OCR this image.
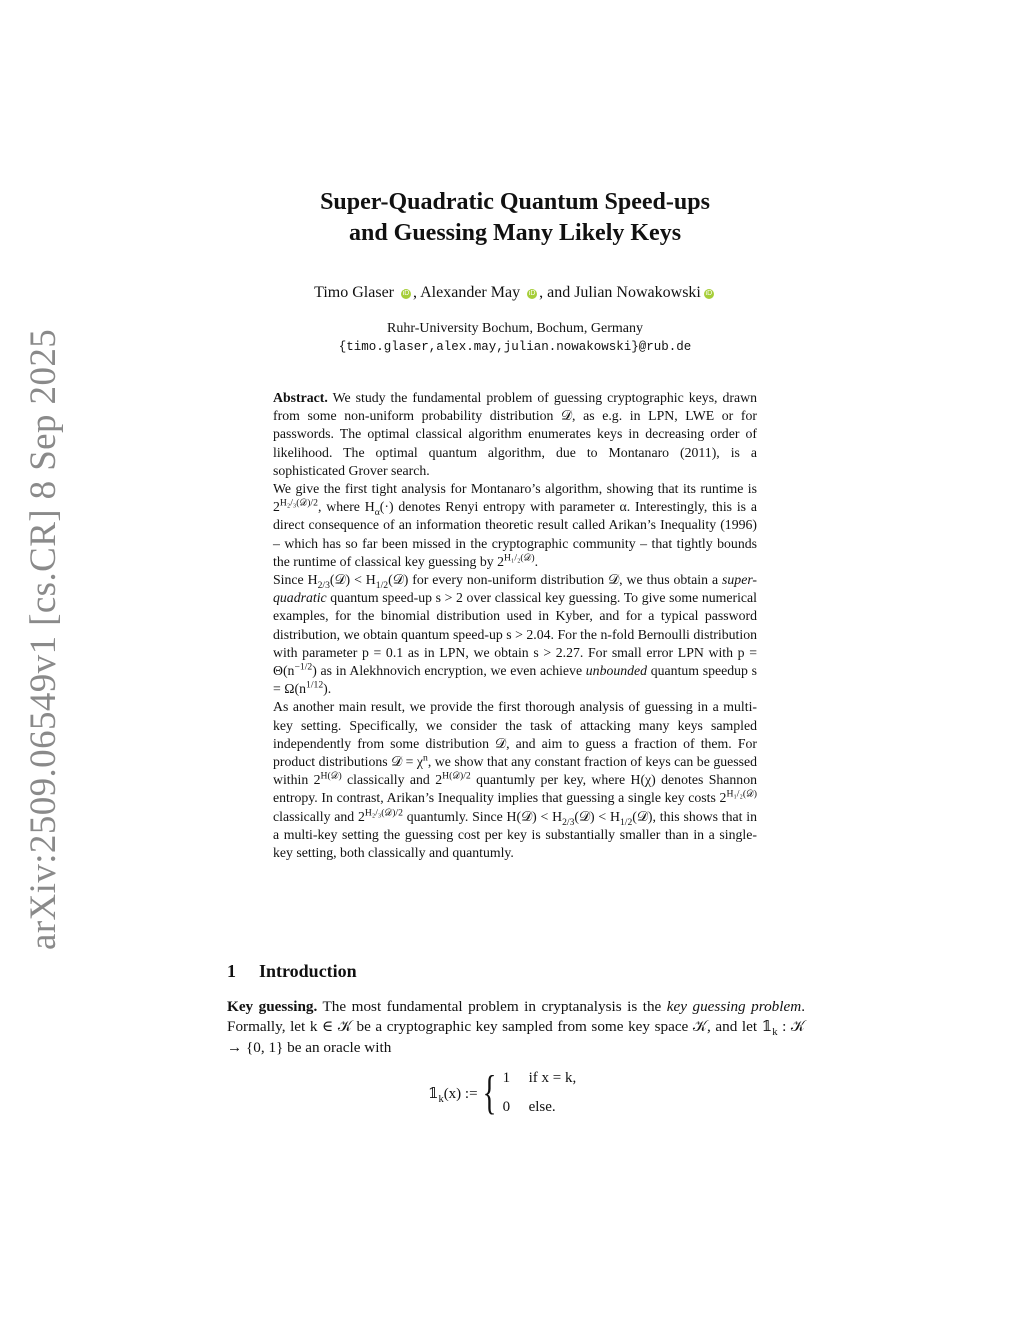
arXiv:2509.06549v1 [cs.CR] 8 Sep 2025
Super-Quadratic Quantum Speed-ups
and Guessing Many Likely Keys
Timo Glaser iD , Alexander May iD , and Julian Nowakowski iD
Ruhr-University Bochum, Bochum, Germany
{timo.glaser,alex.may,julian.nowakowski}@rub.de

Abstract. We study the fundamental problem of guessing cryptographic keys, drawn from some non-uniform probability distribution 𝒟, as e.g. in LPN, LWE or for passwords. The optimal classical algorithm enumerates keys in decreasing order of likelihood. The optimal quantum algorithm, due to Montanaro (2011), is a sophisticated Grover search.

We give the first tight analysis for Montanaro’s algorithm, showing that its runtime is $2^{H_2/_3(𝒟)/2}$, where $H_\alpha(\cdot)$ denotes Renyi entropy with parameter α. Interestingly, this is a direct consequence of an information theoretic result called Arikan’s Inequality (1996) – which has so far been missed in the cryptographic community – that tightly bounds the runtime of classical key guessing by $2^{H_1/_2(𝒟)}$.

Since $H_{2/3}(𝒟)$ < $H_{1/2}(𝒟)$ for every non-uniform distribution 𝒟, we thus obtain a super-quadratic quantum speed-up s > 2 over classical key guessing. To give some numerical examples, for the binomial distribution used in Kyber, and for a typical password distribution, we obtain quantum speed-up s > 2.04. For the n-fold Bernoulli distribution with parameter p = 0.1 as in LPN, we obtain s > 2.27. For small error LPN with $p = \Theta(n^{-1/2})$ as in Alekhnovich encryption, we even achieve unbounded quantum speedup $s = \Omega(n^{1/12})$.

As another main result, we provide the first thorough analysis of guessing in a multi-key setting. Specifically, we consider the task of attacking many keys sampled independently from some distribution 𝒟, and aim to guess a fraction of them. For product distributions 𝒟 = $\chi^n$, we show that any constant fraction of keys can be guessed within $2^{H(𝒟)}$ classically and $2^{H(𝒟)/2}$ quantumly per key, where H(χ) denotes Shannon entropy. In contrast, Arikan’s Inequality implies that guessing a single key costs $2^{H_1/_2(𝒟)}$ classically and $2^{H_2/_3(𝒟)/2}$ quantumly. Since H(𝒟) < $H_{2/3}(𝒟)$ < $H_{1/2}(𝒟)$, this shows that in a multi-key setting the guessing cost per key is substantially smaller than in a single-key setting, both classically and quantumly.

1 Introduction

Key guessing. The most fundamental problem in cryptanalysis is the key guessing problem. Formally, let k ∈ 𝒦 be a cryptographic key sampled from some key space 𝒦, and let $𝟙_k$ : 𝒦 → {0, 1} be an oracle with

$𝟙_k(x)$ := { 1	if x = k,
0	else.
